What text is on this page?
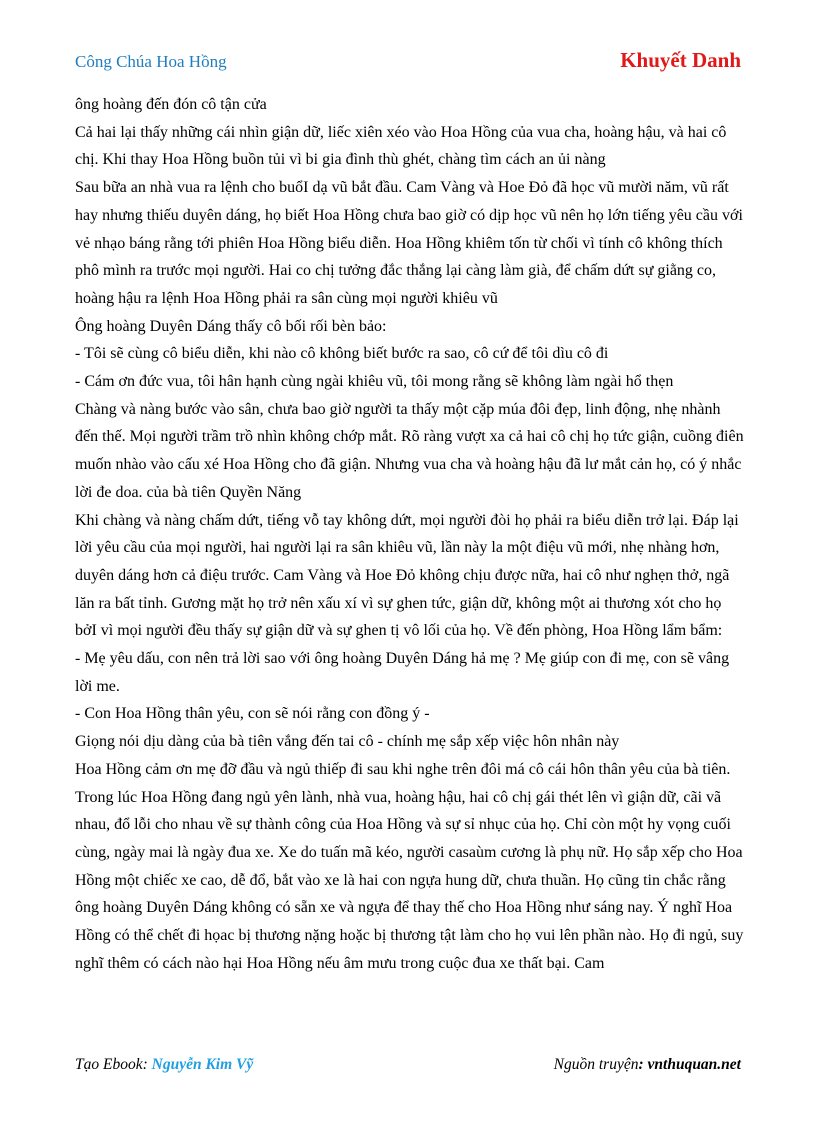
Công Chúa Hoa Hồng	Khuyết Danh

ông hoàng đến đón cô tận cửa

Cả hai lại thấy những cái nhìn giận dữ, liếc xiên xéo vào Hoa Hồng của vua cha, hoàng hậu, và hai cô chị. Khi thay Hoa Hồng buồn tủi vì bi gia đình thù ghét, chàng tìm cách an ủi nàng

Sau bữa an nhà vua ra lệnh cho buổI dạ vũ bắt đầu. Cam Vàng và Hoe Đỏ đã học vũ mười năm, vũ rất hay nhưng thiếu duyên dáng, họ biết Hoa Hồng chưa bao giờ có dịp học vũ nên họ lớn tiếng yêu cầu với vẻ nhạo báng rằng tới phiên Hoa Hồng biểu diễn. Hoa Hồng khiêm tốn từ chối vì tính cô không thích phô mình ra trước mọi người. Hai co chị tưởng đắc thắng lại càng làm già, để chấm dứt sự giằng co, hoàng hậu ra lệnh Hoa Hồng phải ra sân cùng mọi người khiêu vũ

Ông hoàng Duyên Dáng thấy cô bối rối bèn bảo:

- Tôi sẽ cùng cô biểu diễn, khi nào cô không biết bước ra sao, cô cứ để tôi dìu cô đi

- Cám ơn đức vua, tôi hân hạnh cùng ngài khiêu vũ, tôi mong rằng sẽ không làm ngài hổ thẹn

Chàng và nàng bước vào sân, chưa bao giờ người ta thấy một cặp múa đôi đẹp, linh động, nhẹ nhành đến thế. Mọi người trầm trồ nhìn không chớp mắt. Rõ ràng vượt xa cả hai cô chị họ tức giận, cuồng điên muốn nhào vào cấu xé Hoa Hồng cho đã giận. Nhưng vua cha và hoàng hậu đã lư mắt cản họ, có ý nhắc lời đe doa. của bà tiên Quyền Năng

Khi chàng và nàng chấm dứt, tiếng vỗ tay không dứt, mọi người đòi họ phải ra biểu diễn trở lại. Đáp lại lời yêu cầu của mọi người, hai người lại ra sân khiêu vũ, lần này la một điệu vũ mới, nhẹ nhàng hơn, duyên dáng hơn cả điệu trước. Cam Vàng và Hoe Đỏ không chịu được nữa, hai cô như nghẹn thở, ngã lăn ra bất tỉnh. Gương mặt họ trở nên xấu xí vì sự ghen tức, giận dữ, không một ai thương xót cho họ bởI vì mọi người đều thấy sự giận dữ và sự ghen tị vô lối của họ. Về đến phòng, Hoa Hồng lẩm bẩm:

- Mẹ yêu dấu, con nên trả lời sao với ông hoàng Duyên Dáng hả mẹ ? Mẹ giúp con đi mẹ, con sẽ vâng lời me.

- Con Hoa Hồng thân yêu, con sẽ nói rằng con đồng ý -

Giọng nói dịu dàng của bà tiên vắng đến tai cô - chính mẹ sắp xếp việc hôn nhân này

Hoa Hồng cảm ơn mẹ đỡ đầu và ngủ thiếp đi sau khi nghe trên đôi má cô cái hôn thân yêu của bà tiên.

Trong lúc Hoa Hồng đang ngủ yên lành, nhà vua, hoàng hậu, hai cô chị gái thét lên vì giận dữ, cãi vã nhau, đổ lỗi cho nhau về sự thành công của Hoa Hồng và sự sỉ nhục của họ. Chỉ còn một hy vọng cuối cùng, ngày mai là ngày đua xe. Xe do tuấn mã kéo, người casaùm cương là phụ nữ. Họ sắp xếp cho Hoa Hồng một chiếc xe cao, dễ đổ, bắt vào xe là hai con ngựa hung dữ, chưa thuần. Họ cũng tin chắc rằng ông hoàng Duyên Dáng không có sẵn xe và ngựa để thay thế cho Hoa Hồng như sáng nay. Ý nghĩ Hoa Hồng có thể chết đi họac bị thương nặng hoặc bị thương tật làm cho họ vui lên phần nào. Họ đi ngủ, suy nghĩ thêm có cách nào hại Hoa Hồng nếu âm mưu trong cuộc đua xe thất bại. Cam

Tạo Ebook: Nguyễn Kim Vỹ	Nguồn truyện: vnthuquan.net
